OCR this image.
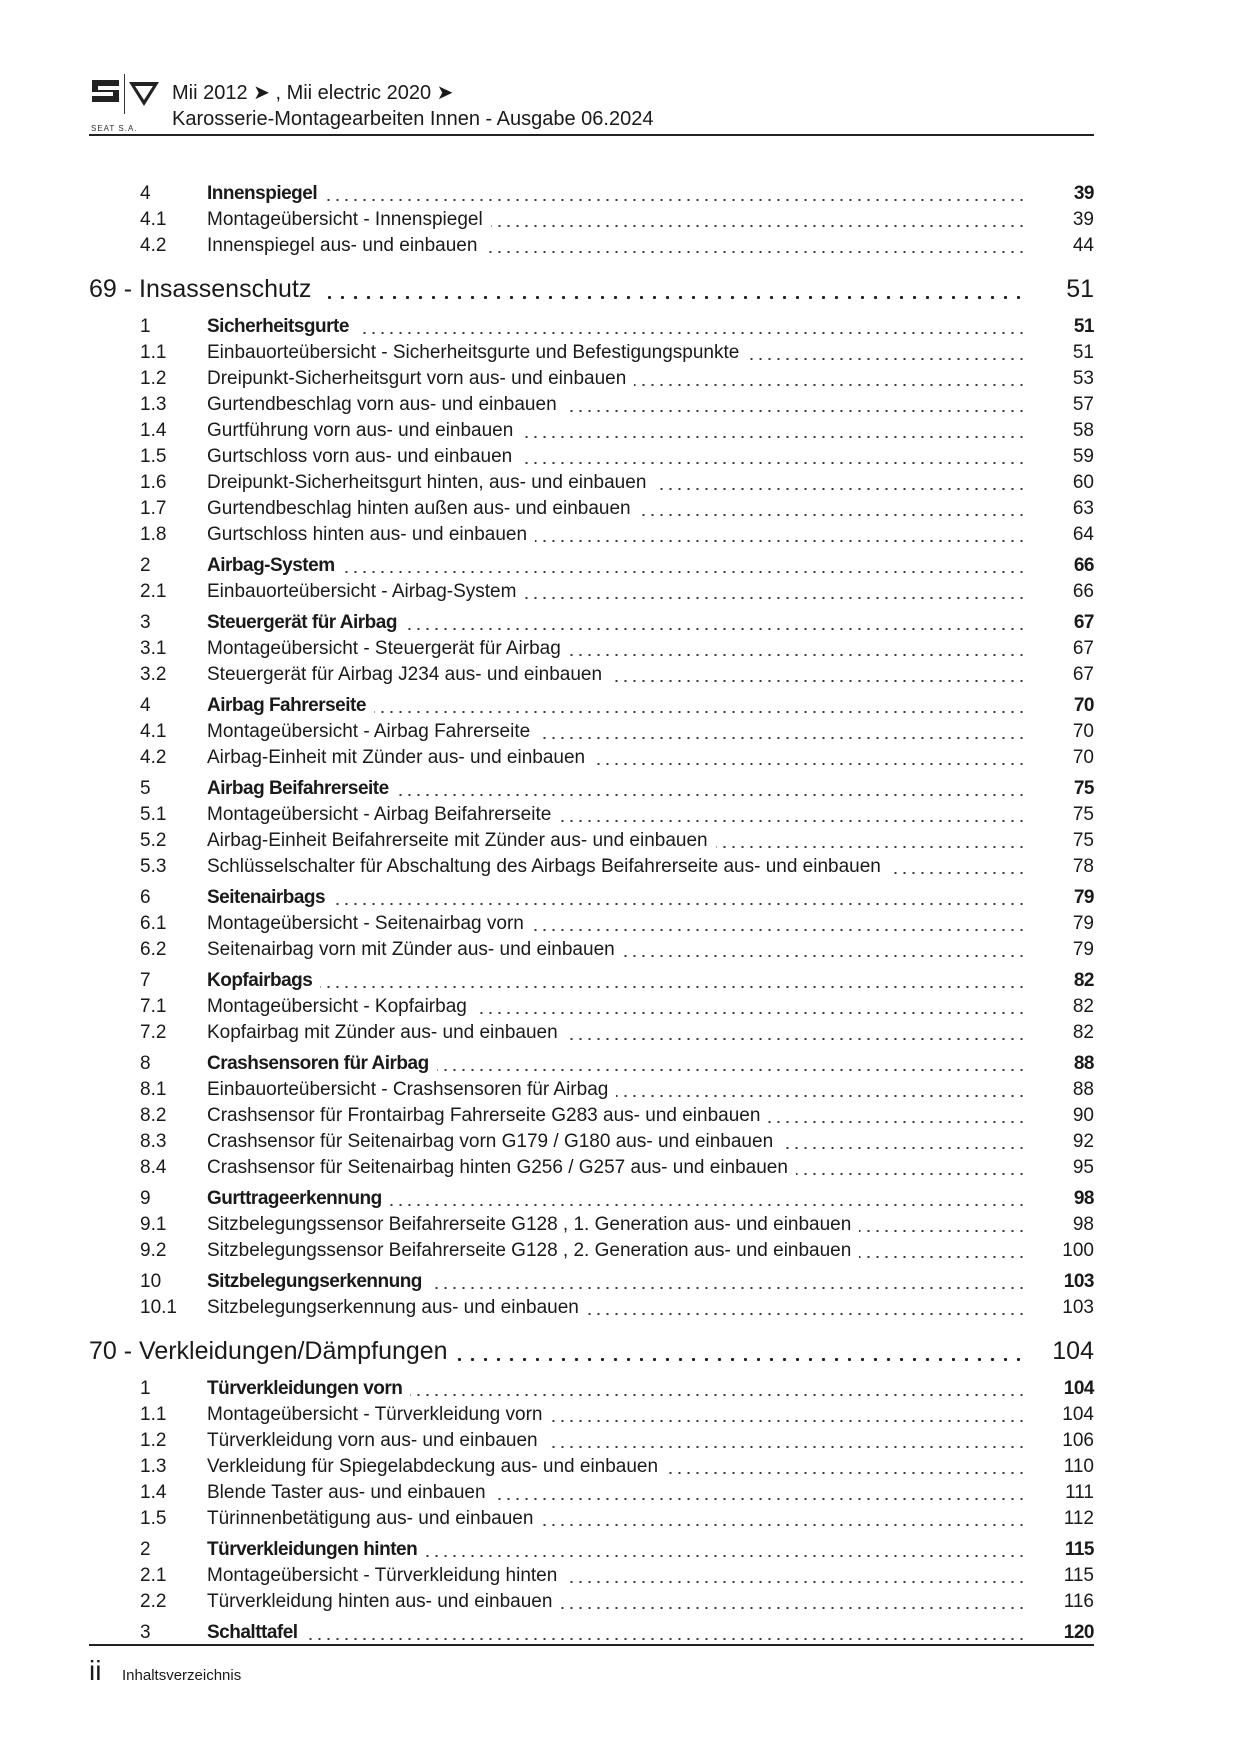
SEAT S.A.
Mii 2012 ➤ , Mii electric 2020 ➤
Karosserie-Montagearbeiten Innen - Ausgabe 06.2024
4	Innenspiegel	39
4.1 Montageübersicht - Innenspiegel	39
4.2 Innenspiegel aus- und einbauen	44
69 - Insassenschutz	51
1	Sicherheitsgurte	51
1.1 Einbauorteübersicht - Sicherheitsgurte und Befestigungspunkte	51
1.2 Dreipunkt-Sicherheitsgurt vorn aus- und einbauen	53
1.3 Gurtendbeschlag vorn aus- und einbauen	57
1.4 Gurtführung vorn aus- und einbauen	58
1.5 Gurtschloss vorn aus- und einbauen	59
1.6 Dreipunkt-Sicherheitsgurt hinten, aus- und einbauen	60
1.7 Gurtendbeschlag hinten außen aus- und einbauen	63
1.8 Gurtschloss hinten aus- und einbauen	64
2	Airbag-System	66
2.1 Einbauorteübersicht - Airbag-System	66
3	Steuergerät für Airbag	67
3.1 Montageübersicht - Steuergerät für Airbag	67
3.2 Steuergerät für Airbag J234 aus- und einbauen	67
4	Airbag Fahrerseite	70
4.1 Montageübersicht - Airbag Fahrerseite	70
4.2 Airbag-Einheit mit Zünder aus- und einbauen	70
5	Airbag Beifahrerseite	75
5.1 Montageübersicht - Airbag Beifahrerseite	75
5.2 Airbag-Einheit Beifahrerseite mit Zünder aus- und einbauen	75
5.3 Schlüsselschalter für Abschaltung des Airbags Beifahrerseite aus- und einbauen	78
6	Seitenairbags	79
6.1 Montageübersicht - Seitenairbag vorn	79
6.2 Seitenairbag vorn mit Zünder aus- und einbauen	79
7	Kopfairbags	82
7.1 Montageübersicht - Kopfairbag	82
7.2 Kopfairbag mit Zünder aus- und einbauen	82
8	Crashsensoren für Airbag	88
8.1 Einbauorteübersicht - Crashsensoren für Airbag	88
8.2 Crashsensor für Frontairbag Fahrerseite G283 aus- und einbauen	90
8.3 Crashsensor für Seitenairbag vorn G179 / G180 aus- und einbauen	92
8.4 Crashsensor für Seitenairbag hinten G256 / G257 aus- und einbauen	95
9	Gurttrageerkennung	98
9.1 Sitzbelegungssensor Beifahrerseite G128 , 1. Generation aus- und einbauen	98
9.2 Sitzbelegungssensor Beifahrerseite G128 , 2. Generation aus- und einbauen	100
10 Sitzbelegungserkennung	103
10.1 Sitzbelegungserkennung aus- und einbauen	103
70 - Verkleidungen/Dämpfungen	104
1	Türverkleidungen vorn	104
1.1 Montageübersicht - Türverkleidung vorn	104
1.2 Türverkleidung vorn aus- und einbauen	106
1.3 Verkleidung für Spiegelabdeckung aus- und einbauen	110
1.4 Blende Taster aus- und einbauen	111
1.5 Türinnenbetätigung aus- und einbauen	112
2	Türverkleidungen hinten	115
2.1 Montageübersicht - Türverkleidung hinten	115
2.2 Türverkleidung hinten aus- und einbauen	116
3	Schalttafel	120
ii Inhaltsverzeichnis
